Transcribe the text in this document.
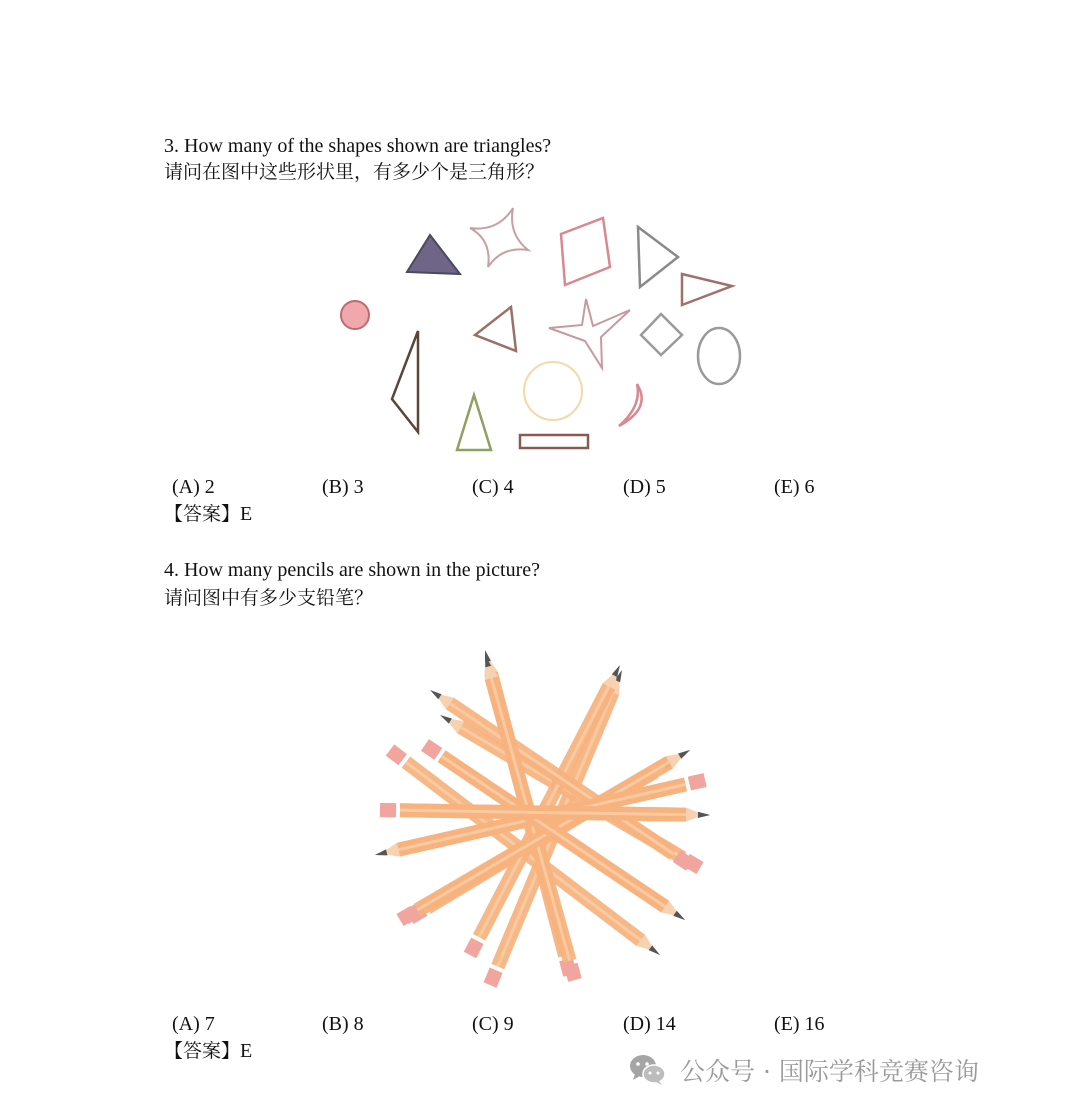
3. How many of the shapes shown are triangles?
请问在图中这些形状里，有多少个是三角形？
(A) 2	(B) 3	(C) 4	(D) 5	(E) 6
【答案】E
4. How many pencils are shown in the picture?
请问图中有多少支铅笔？
(A) 7	(B) 8	(C) 9	(D) 14	(E) 16
【答案】E
公众号 · 国际学科竞赛咨询
